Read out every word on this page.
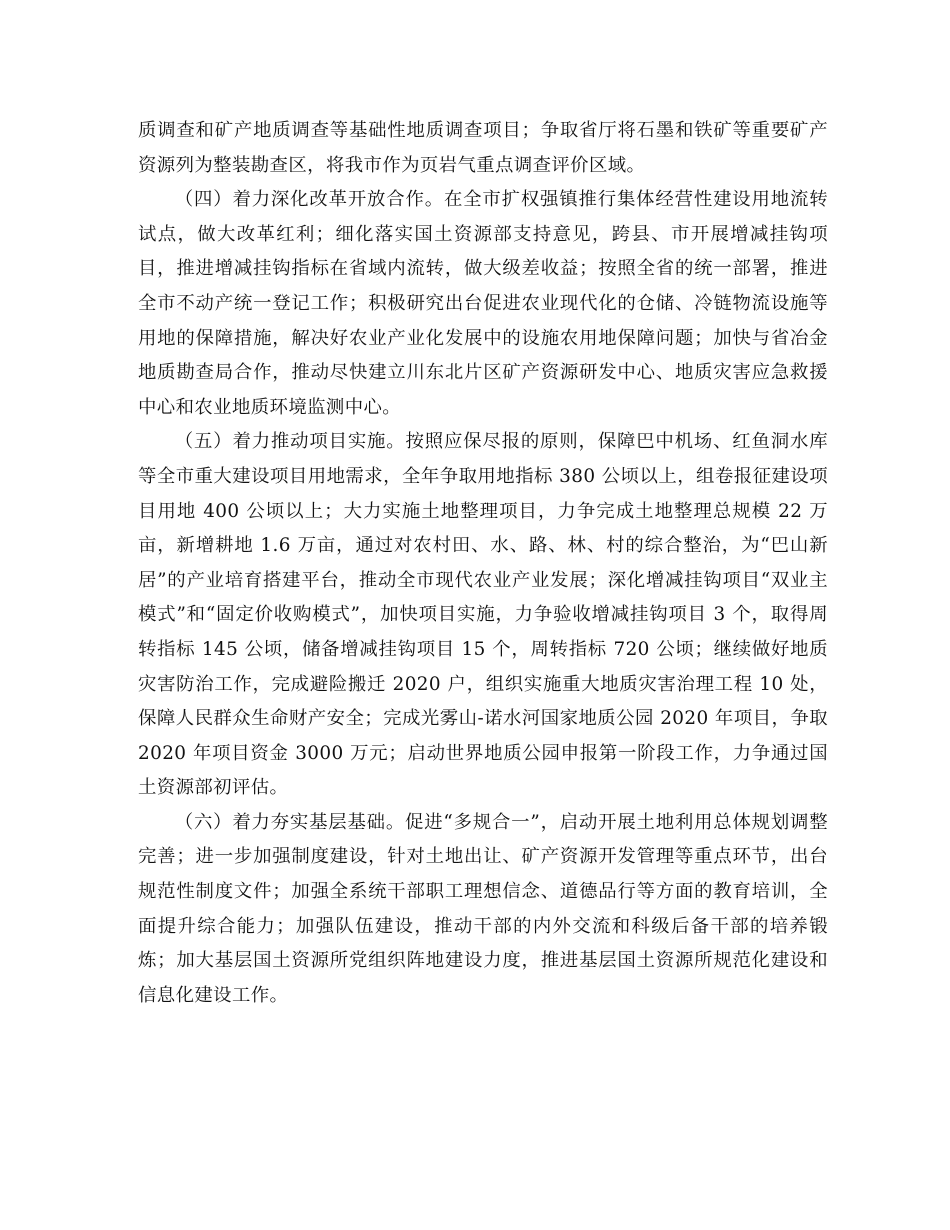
质调查和矿产地质调查等基础性地质调查项目；争取省厅将石墨和铁矿等重要矿产资源列为整装勘查区，将我市作为页岩气重点调查评价区域。

（四）着力深化改革开放合作。在全市扩权强镇推行集体经营性建设用地流转试点，做大改革红利；细化落实国土资源部支持意见，跨县、市开展增减挂钩项目，推进增减挂钩指标在省域内流转，做大级差收益；按照全省的统一部署，推进全市不动产统一登记工作；积极研究出台促进农业现代化的仓储、冷链物流设施等用地的保障措施，解决好农业产业化发展中的设施农用地保障问题；加快与省冶金地质勘查局合作，推动尽快建立川东北片区矿产资源研发中心、地质灾害应急救援中心和农业地质环境监测中心。

（五）着力推动项目实施。按照应保尽报的原则，保障巴中机场、红鱼洞水库等全市重大建设项目用地需求，全年争取用地指标 380 公顷以上，组卷报征建设项目用地 400 公顷以上；大力实施土地整理项目，力争完成土地整理总规模 22 万亩，新增耕地 1.6 万亩，通过对农村田、水、路、林、村的综合整治，为“巴山新居”的产业培育搭建平台，推动全市现代农业产业发展；深化增减挂钩项目“双业主模式”和“固定价收购模式”，加快项目实施，力争验收增减挂钩项目 3 个，取得周转指标 145 公顷，储备增减挂钩项目 15 个，周转指标 720 公顷；继续做好地质灾害防治工作，完成避险搬迁 2020 户，组织实施重大地质灾害治理工程 10 处，保障人民群众生命财产安全；完成光雾山-诺水河国家地质公园 2020 年项目，争取 2020 年项目资金 3000 万元；启动世界地质公园申报第一阶段工作，力争通过国土资源部初评估。

（六）着力夯实基层基础。促进“多规合一”，启动开展土地利用总体规划调整完善；进一步加强制度建设，针对土地出让、矿产资源开发管理等重点环节，出台规范性制度文件；加强全系统干部职工理想信念、道德品行等方面的教育培训，全面提升综合能力；加强队伍建设，推动干部的内外交流和科级后备干部的培养锻炼；加大基层国土资源所党组织阵地建设力度，推进基层国土资源所规范化建设和信息化建设工作。
